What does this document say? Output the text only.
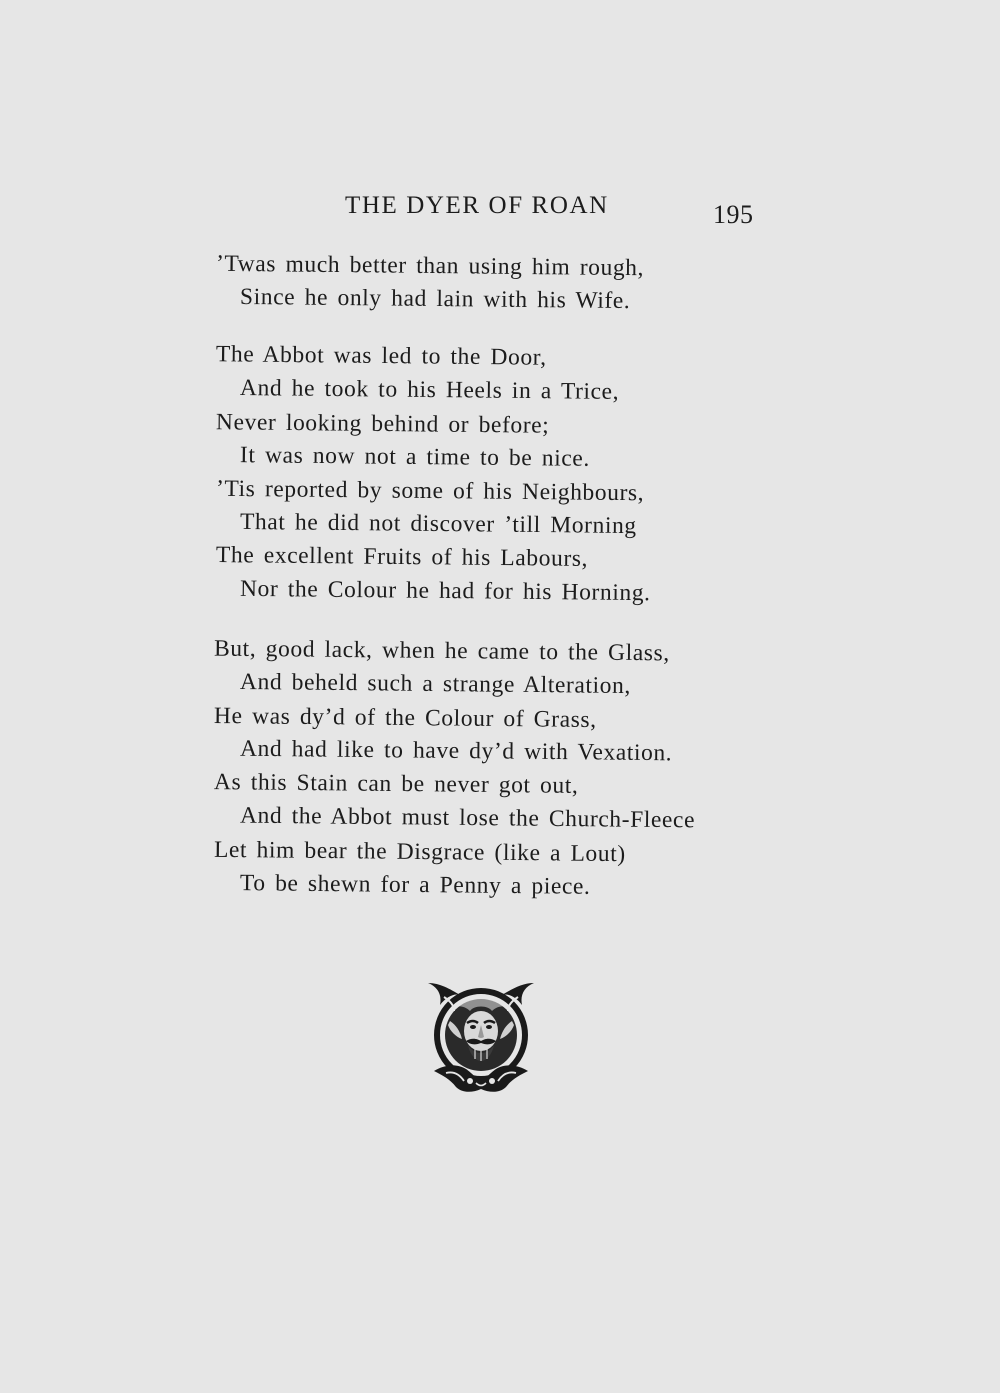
THE DYER OF ROAN	195
’Twas much better than using him rough,
Since he only had lain with his Wife.
The Abbot was led to the Door,
And he took to his Heels in a Trice,
Never looking behind or before;
It was now not a time to be nice.
’Tis reported by some of his Neighbours,
That he did not discover ’till Morning
The excellent Fruits of his Labours,
Nor the Colour he had for his Horning.
But, good lack, when he came to the Glass,
And beheld such a strange Alteration,
He was dy’d of the Colour of Grass,
And had like to have dy’d with Vexation.
As this Stain can be never got out,
And the Abbot must lose the Church-Fleece
Let him bear the Disgrace (like a Lout)
To be shewn for a Penny a piece.
